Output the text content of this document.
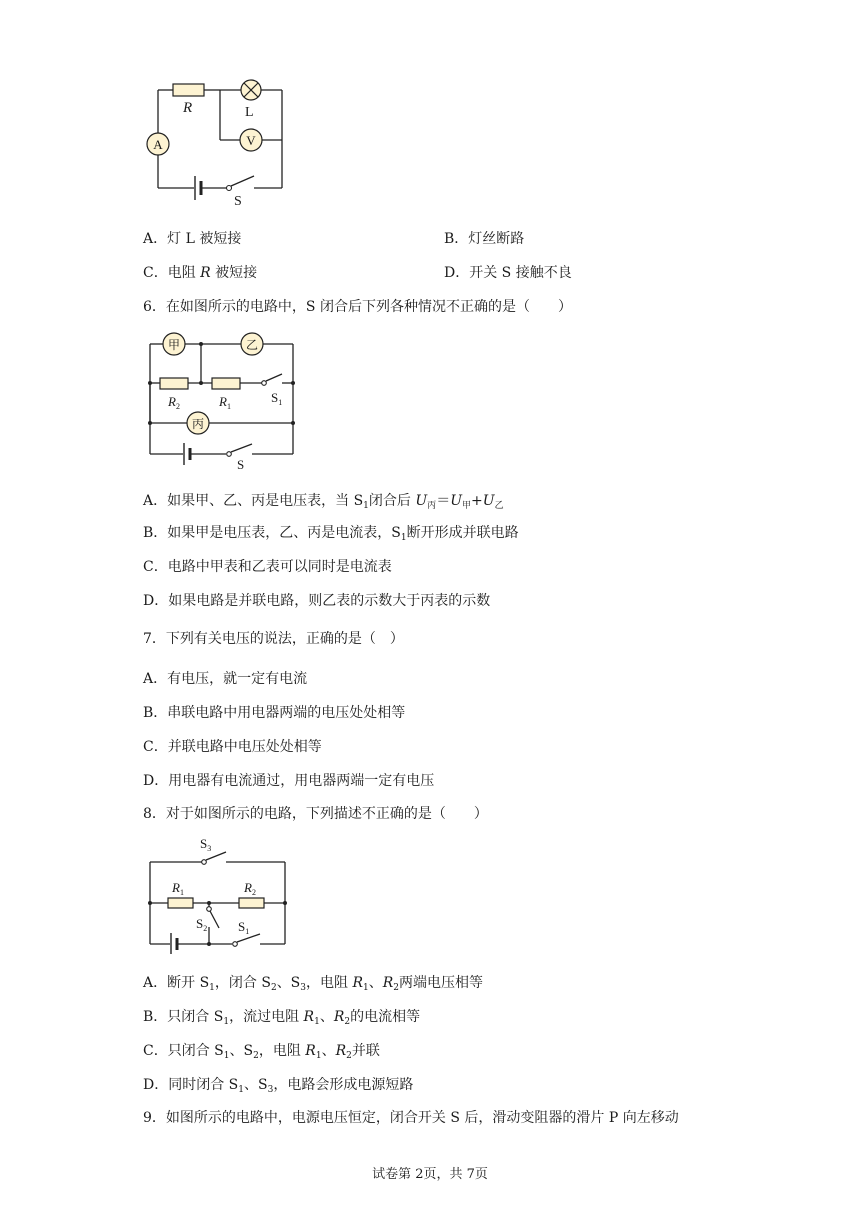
V
A
R	L
S
A．灯 L 被短接	B．灯丝断路
C．电阻 R 被短接	D．开关 S 接触不良
6．在如图所示的电路中，S 闭合后下列各种情况不正确的是（　　）
甲	乙
丙
$R_2$	$R_1$
$S_1$
S
A．如果甲、乙、丙是电压表，当 $S_1$闭合后 $U_丙=U_甲+U_乙$
B．如果甲是电压表，乙、丙是电流表，$S_1$断开形成并联电路
C．电路中甲表和乙表可以同时是电流表
D．如果电路是并联电路，则乙表的示数大于丙表的示数
7．下列有关电压的说法，正确的是（　）
A．有电压，就一定有电流
B．串联电路中用电器两端的电压处处相等
C．并联电路中电压处处相等
D．用电器有电流通过，用电器两端一定有电压
8．对于如图所示的电路，下列描述不正确的是（　　）
$S_3$
$R_1$	$R_2$
$S_2$ $S_1$
A．断开 $S_1$，闭合 $S_2$、$S_3$，电阻 $R_1$、$R_2$两端电压相等
B．只闭合 $S_1$，流过电阻 $R_1$、$R_2$的电流相等
C．只闭合 $S_1$、$S_2$，电阻 $R_1$、$R_2$并联
D．同时闭合 $S_1$、$S_3$，电路会形成电源短路
9．如图所示的电路中，电源电压恒定，闭合开关 S 后，滑动变阻器的滑片 P 向左移动
试卷第 2页，共 7页
